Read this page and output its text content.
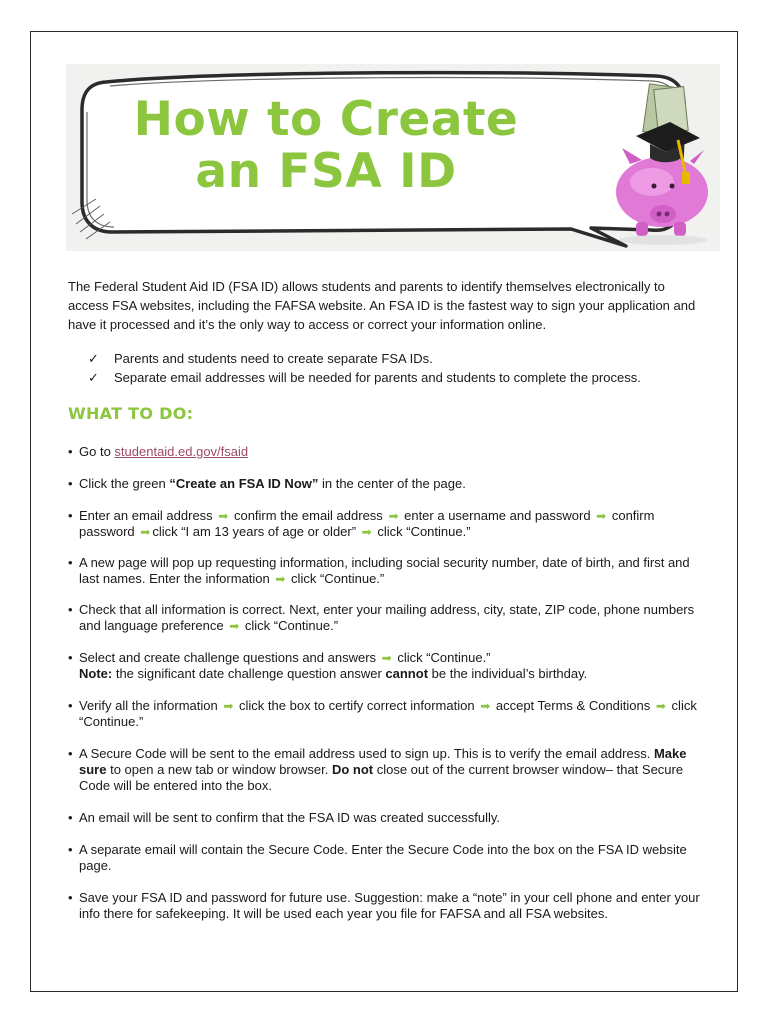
How to Create
an FSA ID

The Federal Student Aid ID (FSA ID) allows students and parents to identify themselves electronically to access FSA websites, including the FAFSA website. An FSA ID is the fastest way to sign your application and have it processed and it’s the only way to access or correct your information online.

✓	Parents and students need to create separate FSA IDs.
✓	Separate email addresses will be needed for parents and students to complete the process.
WHAT TO DO:
• Go to studentaid.ed.gov/fsaid
• Click the green “Create an FSA ID Now” in the center of the page.
• Enter an email address ➡ confirm the email address ➡ enter a username and password ➡ confirm password ➡ click “I am 13 years of age or older” ➡ click “Continue.”
• A new page will pop up requesting information, including social security number, date of birth, and first and last names. Enter the information ➡ click “Continue.”
• Check that all information is correct. Next, enter your mailing address, city, state, ZIP code, phone numbers and language preference ➡ click “Continue.”
• Select and create challenge questions and answers ➡ click “Continue.”
Note: the significant date challenge question answer cannot be the individual’s birthday.
• Verify all the information ➡ click the box to certify correct information ➡ accept Terms & Conditions ➡ click “Continue.”
• A Secure Code will be sent to the email address used to sign up. This is to verify the email address. Make sure to open a new tab or window browser. Do not close out of the current browser window– that Secure Code will be entered into the box.
• An email will be sent to confirm that the FSA ID was created successfully.
• A separate email will contain the Secure Code. Enter the Secure Code into the box on the FSA ID website page.
• Save your FSA ID and password for future use. Suggestion: make a “note” in your cell phone and enter your info there for safekeeping. It will be used each year you file for FAFSA and all FSA websites.
